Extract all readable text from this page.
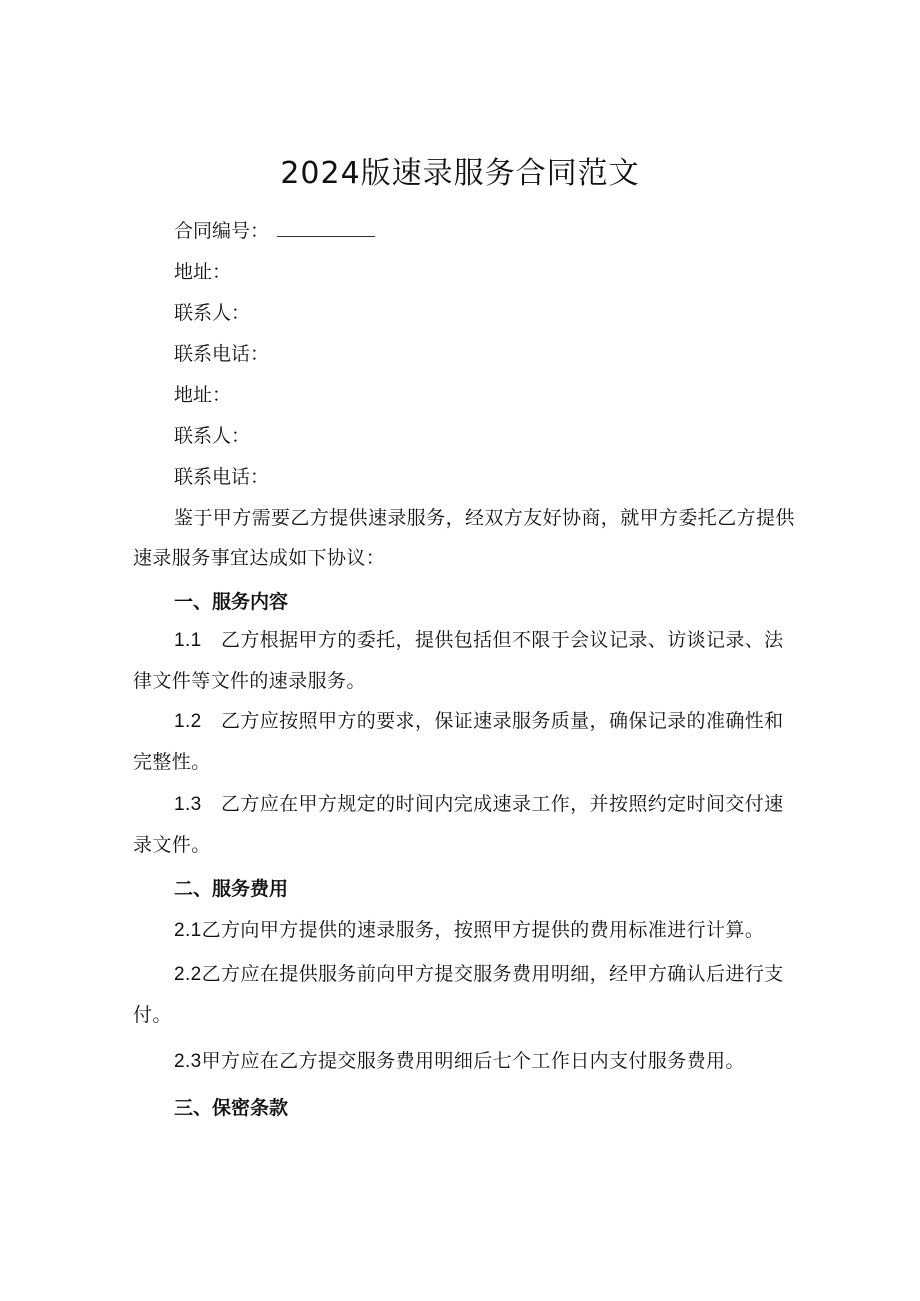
2024版速录服务合同范文

合同编号：

地址：

联系人：

联系电话：

地址：

联系人：

联系电话：

鉴于甲方需要乙方提供速录服务，经双方友好协商，就甲方委托乙方提供速录服务事宜达成如下协议：

一、服务内容

1.1 乙方根据甲方的委托，提供包括但不限于会议记录、访谈记录、法律文件等文件的速录服务。

1.2 乙方应按照甲方的要求，保证速录服务质量，确保记录的准确性和完整性。

1.3 乙方应在甲方规定的时间内完成速录工作，并按照约定时间交付速录文件。

二、服务费用

2.1乙方向甲方提供的速录服务，按照甲方提供的费用标准进行计算。

2.2乙方应在提供服务前向甲方提交服务费用明细，经甲方确认后进行支付。

2.3甲方应在乙方提交服务费用明细后七个工作日内支付服务费用。

三、保密条款
